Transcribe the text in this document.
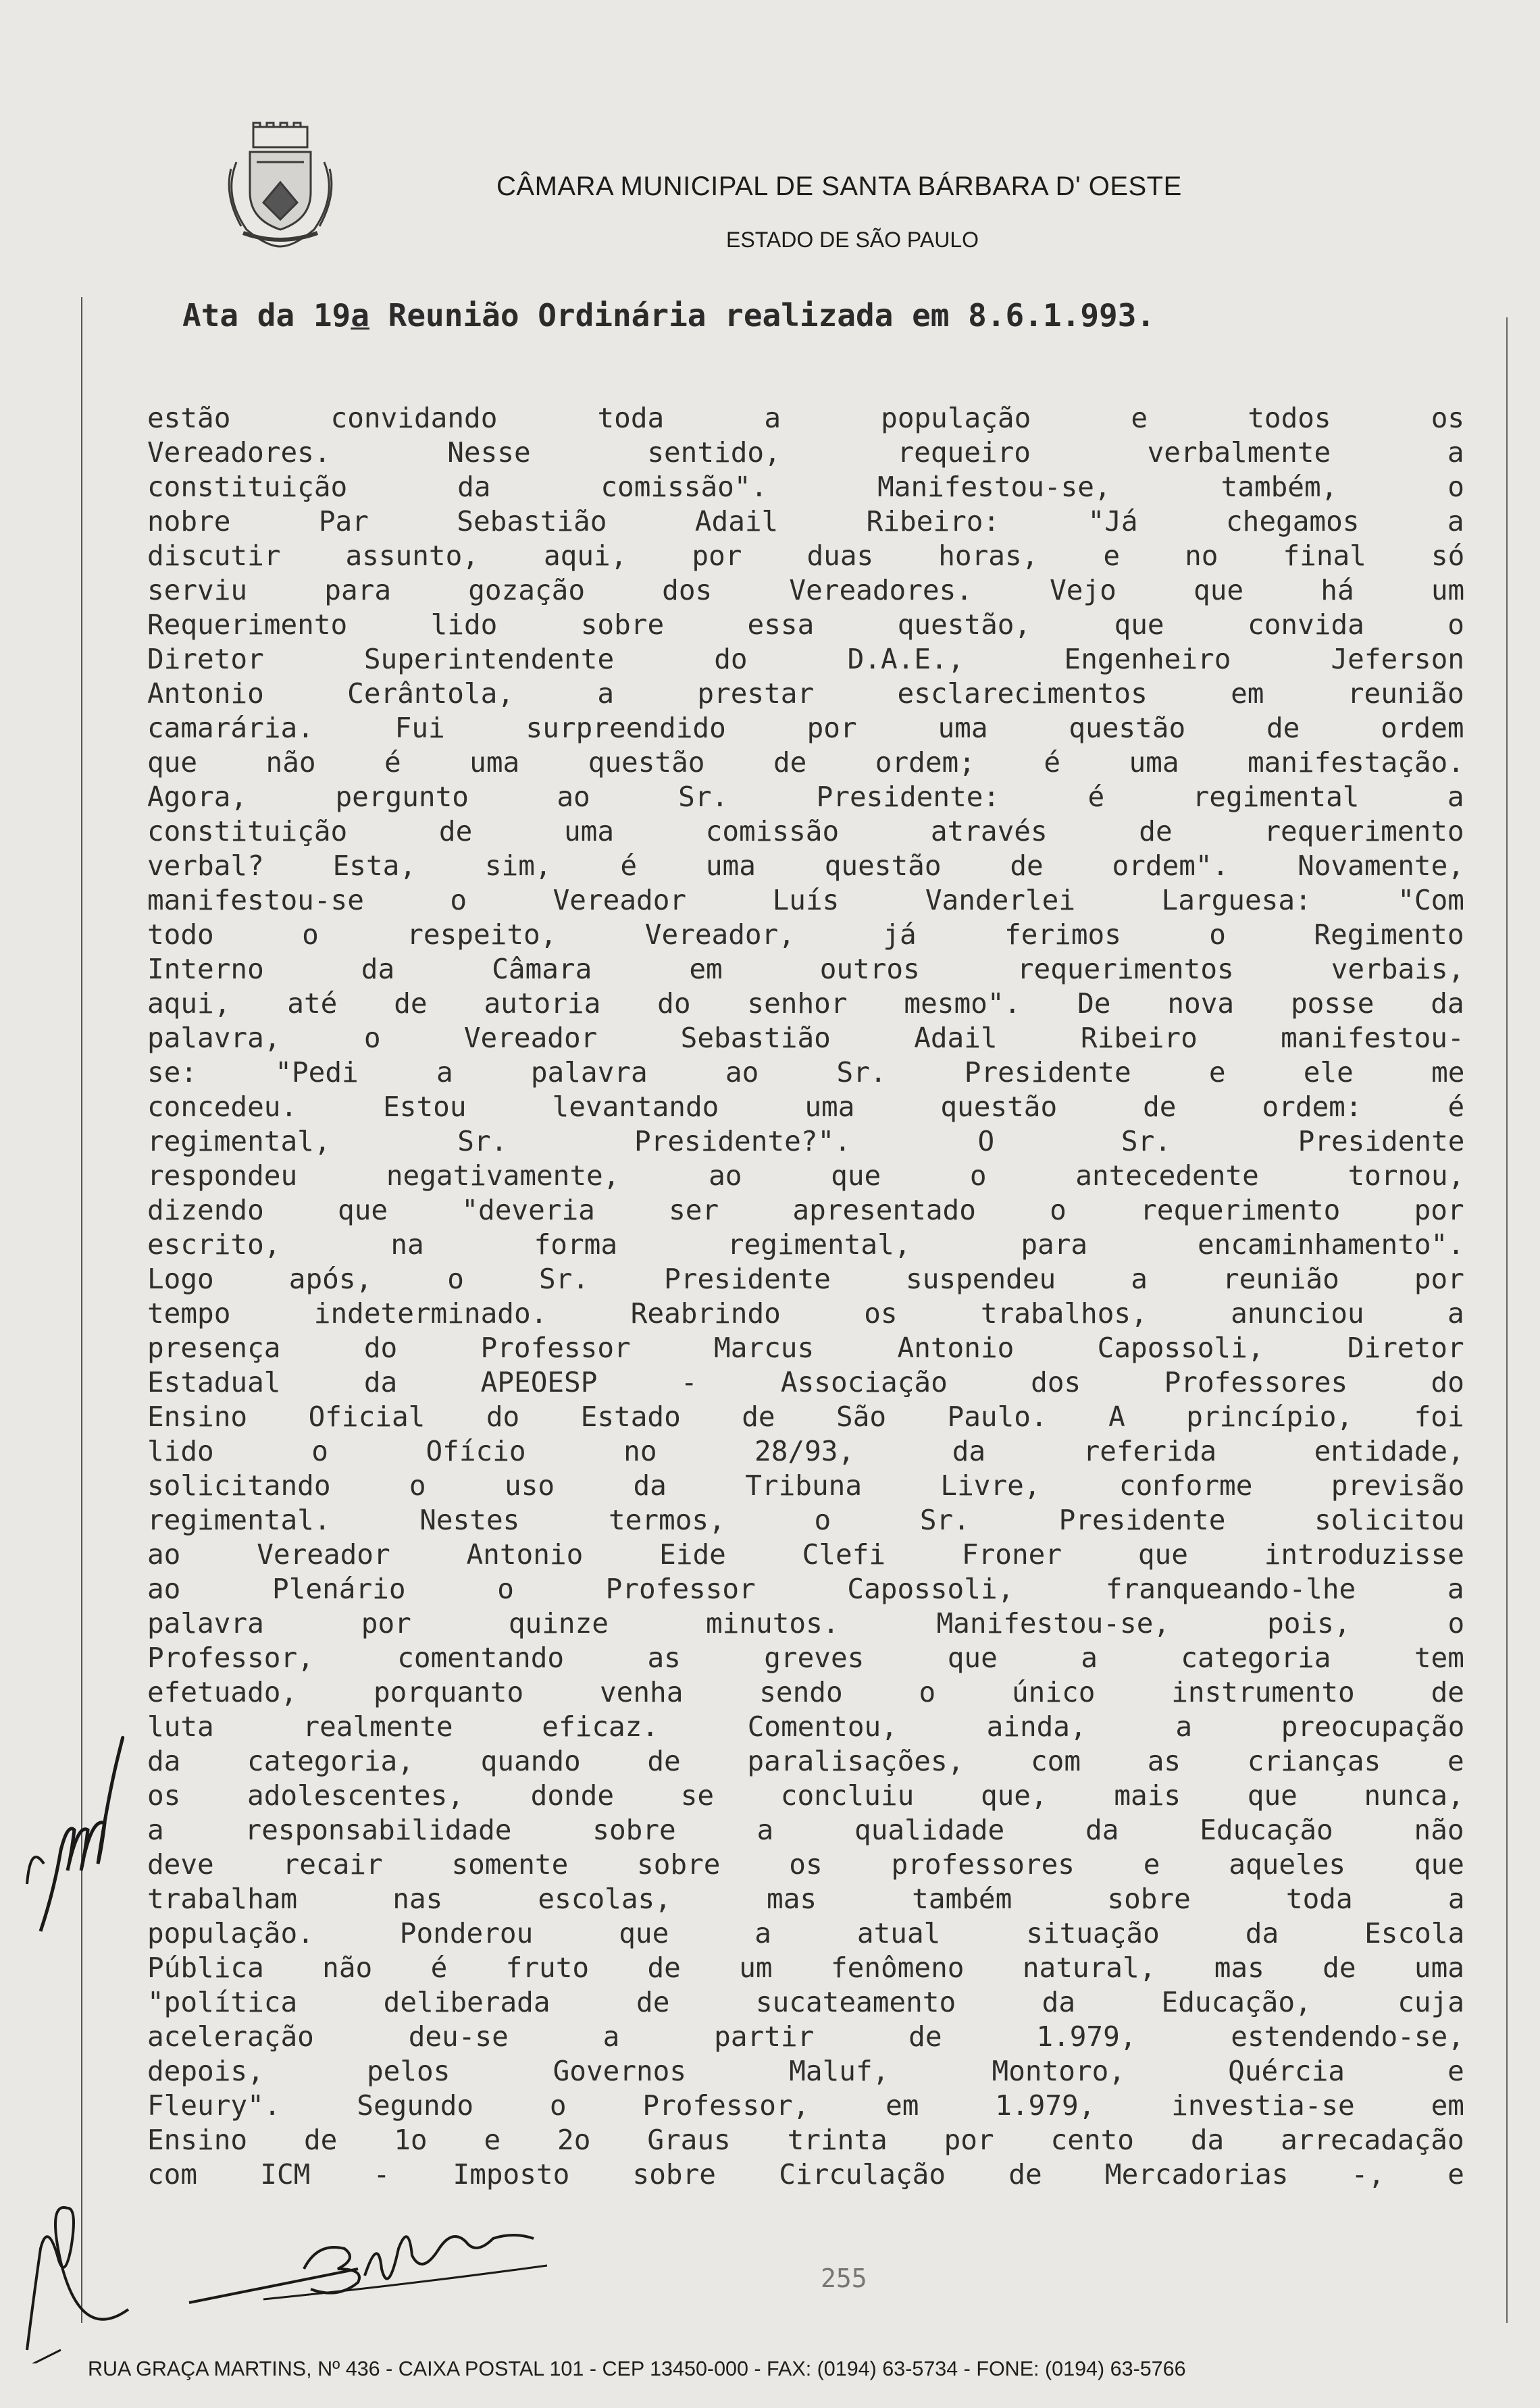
CÂMARA MUNICIPAL DE SANTA BÁRBARA D' OESTE
ESTADO DE SÃO PAULO
Ata da 19a Reunião Ordinária realizada em 8.6.1.993.
estão convidando toda a população e todos os
Vereadores. Nesse sentido, requeiro verbalmente a
constituição da comissão". Manifestou-se, também, o
nobre Par Sebastião Adail Ribeiro: "Já chegamos a
discutir assunto, aqui, por duas horas, e no final só
serviu para gozação dos Vereadores. Vejo que há um
Requerimento lido sobre essa questão, que convida o
Diretor Superintendente do D.A.E., Engenheiro Jeferson
Antonio Cerântola, a prestar esclarecimentos em reunião
camarária. Fui surpreendido por uma questão de ordem
que não é uma questão de ordem; é uma manifestação.
Agora, pergunto ao Sr. Presidente: é regimental a
constituição de uma comissão através de requerimento
verbal? Esta, sim, é uma questão de ordem". Novamente,
manifestou-se o Vereador Luís Vanderlei Larguesa: "Com
todo o respeito, Vereador, já ferimos o Regimento
Interno da Câmara em outros requerimentos verbais,
aqui, até de autoria do senhor mesmo". De nova posse da
palavra, o Vereador Sebastião Adail Ribeiro manifestou-
se: "Pedi a palavra ao Sr. Presidente e ele me
concedeu. Estou levantando uma questão de ordem: é
regimental, Sr. Presidente?". O Sr. Presidente
respondeu negativamente, ao que o antecedente tornou,
dizendo que "deveria ser apresentado o requerimento por
escrito, na forma regimental, para encaminhamento".
Logo após, o Sr. Presidente suspendeu a reunião por
tempo indeterminado. Reabrindo os trabalhos, anunciou a
presença do Professor Marcus Antonio Capossoli, Diretor
Estadual da APEOESP - Associação dos Professores do
Ensino Oficial do Estado de São Paulo. A princípio, foi
lido o Ofício no 28/93, da referida entidade,
solicitando o uso da Tribuna Livre, conforme previsão
regimental. Nestes termos, o Sr. Presidente solicitou
ao Vereador Antonio Eide Clefi Froner que introduzisse
ao Plenário o Professor Capossoli, franqueando-lhe a
palavra por quinze minutos. Manifestou-se, pois, o
Professor, comentando as greves que a categoria tem
efetuado, porquanto venha sendo o único instrumento de
luta realmente eficaz. Comentou, ainda, a preocupação
da categoria, quando de paralisações, com as crianças e
os adolescentes, donde se concluiu que, mais que nunca,
a responsabilidade sobre a qualidade da Educação não
deve recair somente sobre os professores e aqueles que
trabalham nas escolas, mas também sobre toda a
população. Ponderou que a atual situação da Escola
Pública não é fruto de um fenômeno natural, mas de uma
"política deliberada de sucateamento da Educação, cuja
aceleração deu-se a partir de 1.979, estendendo-se,
depois, pelos Governos Maluf, Montoro, Quércia e
Fleury". Segundo o Professor, em 1.979, investia-se em
Ensino de 1o e 2o Graus trinta por cento da arrecadação
com ICM - Imposto sobre Circulação de Mercadorias -, e
255
RUA GRAÇA MARTINS, Nº 436 - CAIXA POSTAL 101 - CEP 13450-000 - FAX: (0194) 63-5734 - FONE: (0194) 63-5766
